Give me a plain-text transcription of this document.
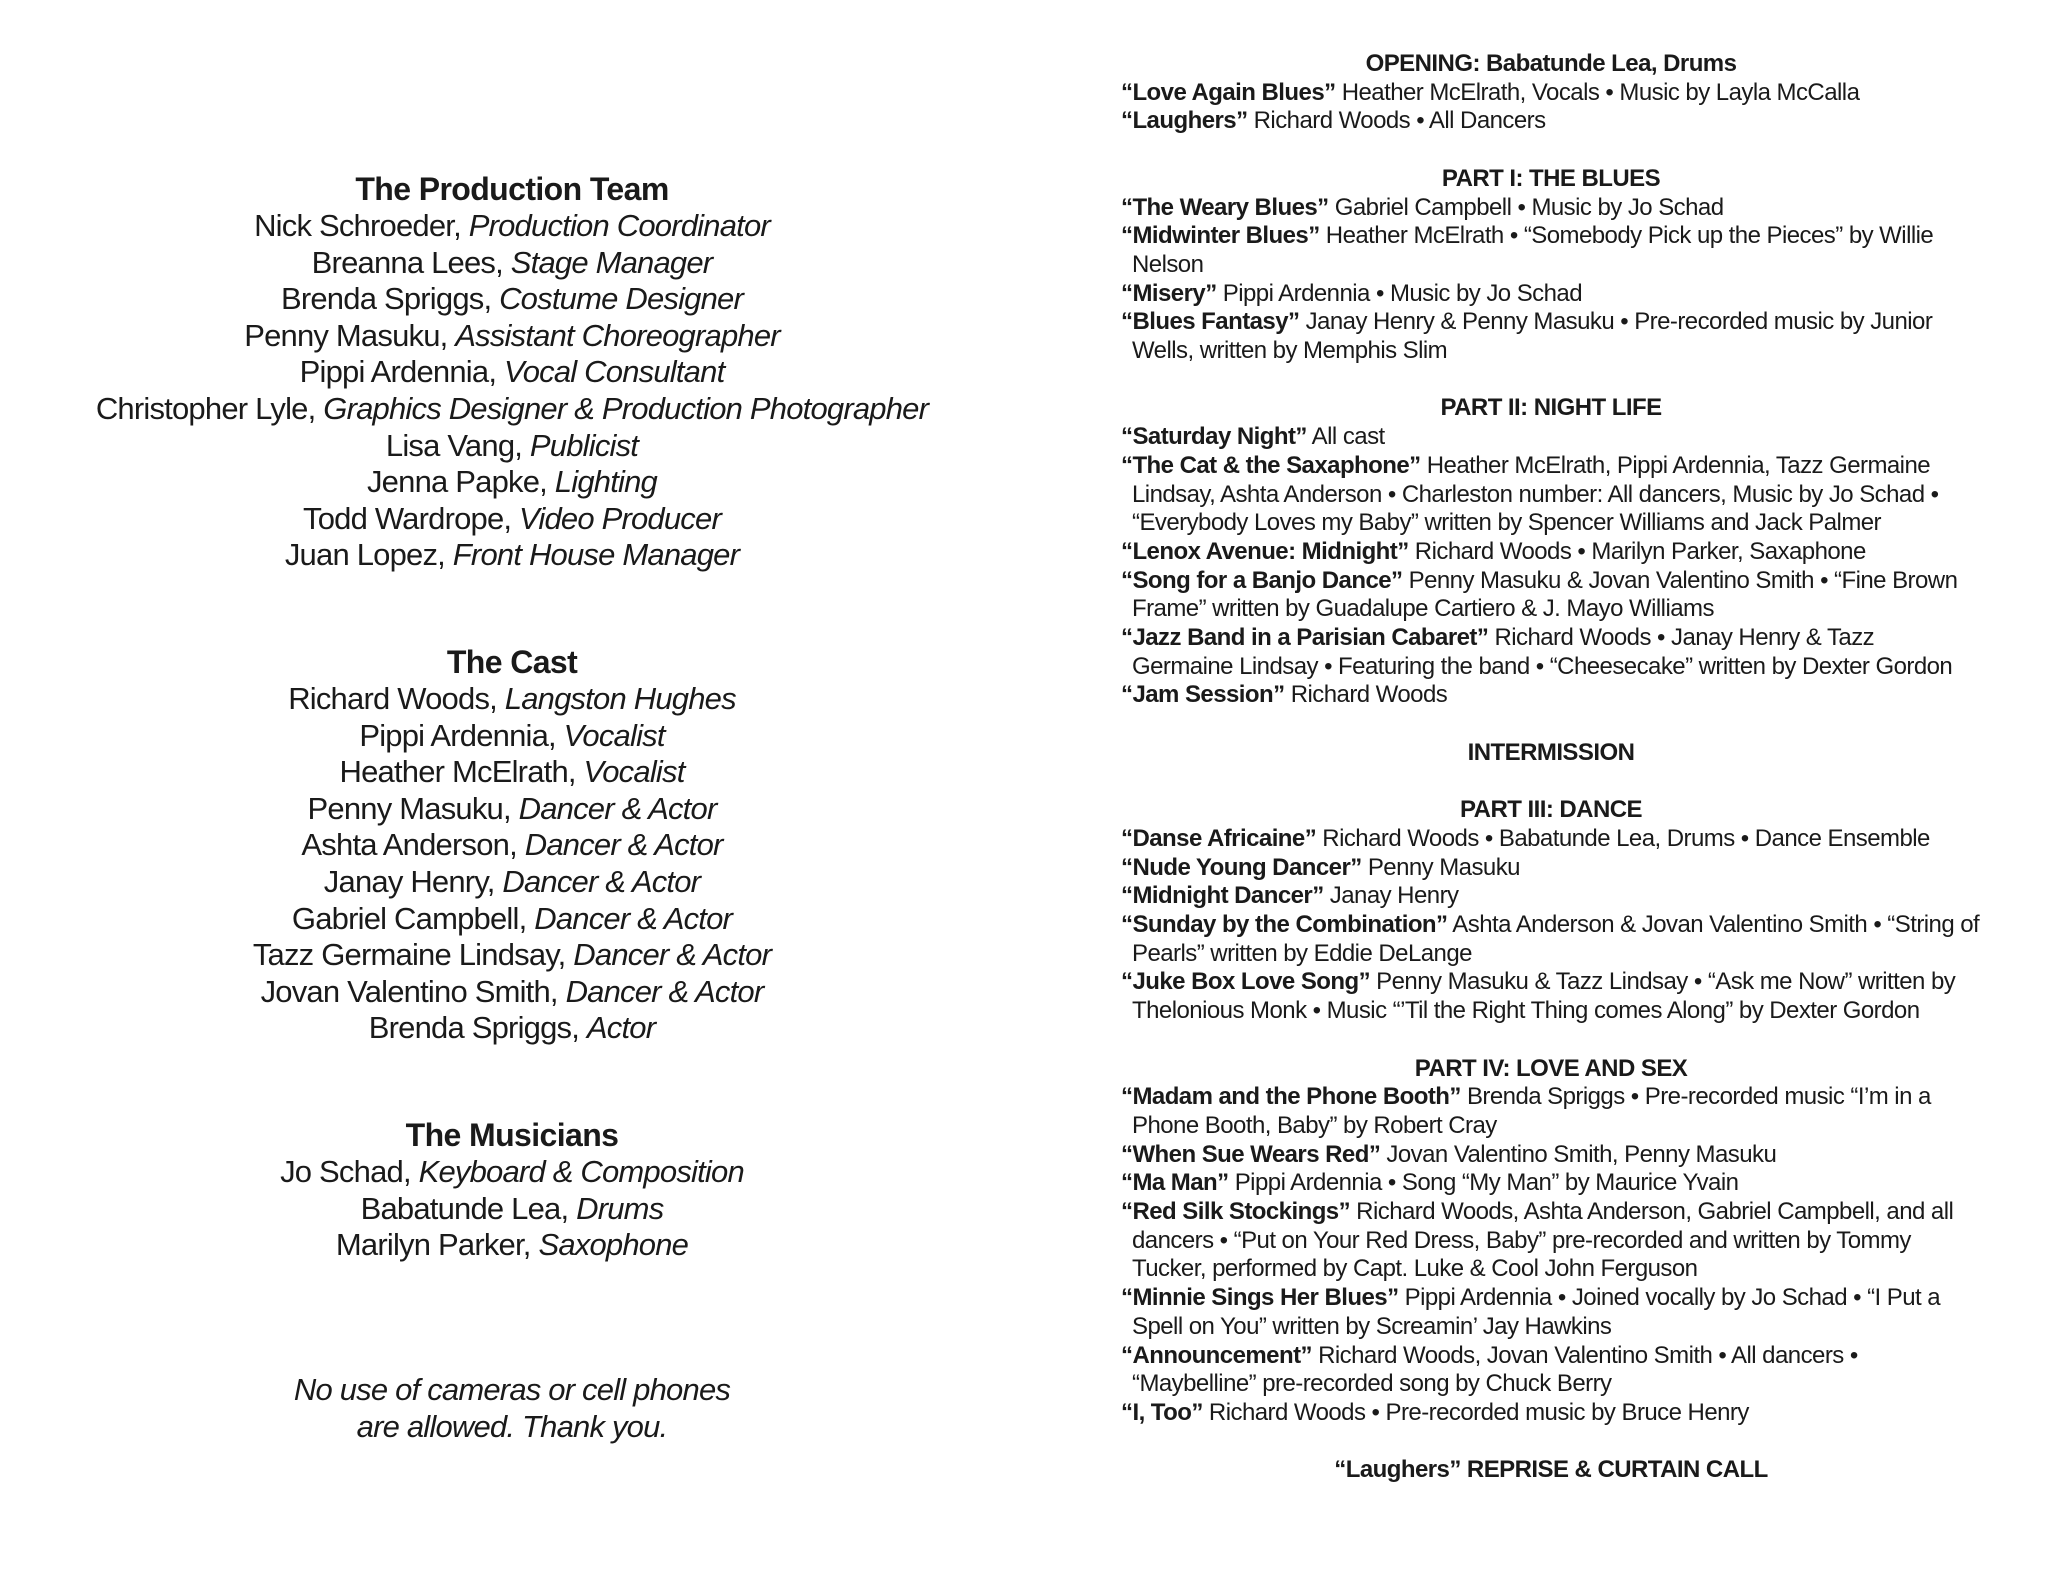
The Production Team
Nick Schroeder, Production Coordinator
Breanna Lees, Stage Manager
Brenda Spriggs, Costume Designer
Penny Masuku, Assistant Choreographer
Pippi Ardennia, Vocal Consultant
Christopher Lyle, Graphics Designer & Production Photographer
Lisa Vang, Publicist
Jenna Papke, Lighting
Todd Wardrope, Video Producer
Juan Lopez, Front House Manager
The Cast
Richard Woods, Langston Hughes
Pippi Ardennia, Vocalist
Heather McElrath, Vocalist
Penny Masuku, Dancer & Actor
Ashta Anderson, Dancer & Actor
Janay Henry, Dancer & Actor
Gabriel Campbell, Dancer & Actor
Tazz Germaine Lindsay, Dancer & Actor
Jovan Valentino Smith, Dancer & Actor
Brenda Spriggs, Actor
The Musicians
Jo Schad, Keyboard & Composition
Babatunde Lea, Drums
Marilyn Parker, Saxophone
No use of cameras or cell phones
are allowed. Thank you.
OPENING: Babatunde Lea, Drums
“Love Again Blues” Heather McElrath, Vocals • Music by Layla McCalla
“Laughers” Richard Woods • All Dancers
PART I: THE BLUES
“The Weary Blues” Gabriel Campbell • Music by Jo Schad
“Midwinter Blues” Heather McElrath • “Somebody Pick up the Pieces” by Willie Nelson
“Misery” Pippi Ardennia • Music by Jo Schad
“Blues Fantasy” Janay Henry & Penny Masuku • Pre-recorded music by Junior Wells, written by Memphis Slim
PART II: NIGHT LIFE
“Saturday Night” All cast
“The Cat & the Saxaphone” Heather McElrath, Pippi Ardennia, Tazz Germaine Lindsay, Ashta Anderson • Charleston number: All dancers, Music by Jo Schad • “Everybody Loves my Baby” written by Spencer Williams and Jack Palmer
“Lenox Avenue: Midnight” Richard Woods • Marilyn Parker, Saxaphone
“Song for a Banjo Dance” Penny Masuku & Jovan Valentino Smith • “Fine Brown Frame” written by Guadalupe Cartiero & J. Mayo Williams
“Jazz Band in a Parisian Cabaret” Richard Woods • Janay Henry & Tazz Germaine Lindsay • Featuring the band • “Cheesecake” written by Dexter Gordon
“Jam Session” Richard Woods
INTERMISSION
PART III: DANCE
“Danse Africaine” Richard Woods • Babatunde Lea, Drums • Dance Ensemble
“Nude Young Dancer” Penny Masuku
“Midnight Dancer” Janay Henry
“Sunday by the Combination” Ashta Anderson & Jovan Valentino Smith • “String of Pearls” written by Eddie DeLange
“Juke Box Love Song” Penny Masuku & Tazz Lindsay • “Ask me Now” written by Thelonious Monk • Music “’Til the Right Thing comes Along” by Dexter Gordon
PART IV: LOVE AND SEX
“Madam and the Phone Booth” Brenda Spriggs • Pre-recorded music “I’m in a Phone Booth, Baby” by Robert Cray
“When Sue Wears Red” Jovan Valentino Smith, Penny Masuku
“Ma Man” Pippi Ardennia • Song “My Man” by Maurice Yvain
“Red Silk Stockings” Richard Woods, Ashta Anderson, Gabriel Campbell, and all dancers • “Put on Your Red Dress, Baby” pre-recorded and written by Tommy Tucker, performed by Capt. Luke & Cool John Ferguson
“Minnie Sings Her Blues” Pippi Ardennia • Joined vocally by Jo Schad • “I Put a Spell on You” written by Screamin’ Jay Hawkins
“Announcement” Richard Woods, Jovan Valentino Smith • All dancers • “Maybelline” pre-recorded song by Chuck Berry
“I, Too” Richard Woods • Pre-recorded music by Bruce Henry
“Laughers” REPRISE & CURTAIN CALL
